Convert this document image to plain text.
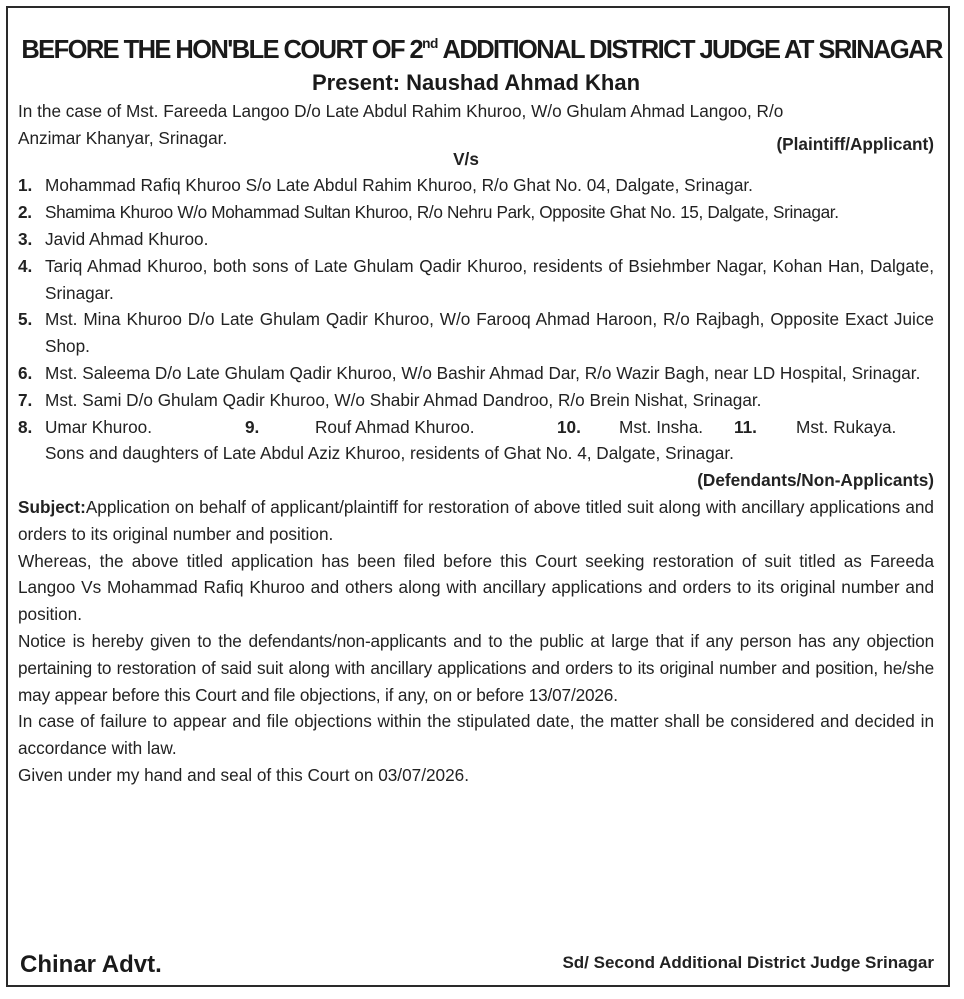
BEFORE THE HON'BLE COURT OF 2nd ADDITIONAL DISTRICT JUDGE AT SRINAGAR
Present: Naushad Ahmad Khan
In the case of Mst. Fareeda Langoo D/o Late Abdul Rahim Khuroo, W/o Ghulam Ahmad Langoo, R/o
Anzimar Khanyar, Srinagar.	(Plaintiff/Applicant)
V/s
1. Mohammad Rafiq Khuroo S/o Late Abdul Rahim Khuroo, R/o Ghat No. 04, Dalgate, Srinagar.
2. Shamima Khuroo W/o Mohammad Sultan Khuroo, R/o Nehru Park, Opposite Ghat No. 15, Dalgate, Srinagar.
3. Javid Ahmad Khuroo.
4. Tariq Ahmad Khuroo, both sons of Late Ghulam Qadir Khuroo, residents of Bsiehmber Nagar, Kohan Han, Dalgate, Srinagar.
5. Mst. Mina Khuroo D/o Late Ghulam Qadir Khuroo, W/o Farooq Ahmad Haroon, R/o Rajbagh, Opposite Exact Juice Shop.
6. Mst. Saleema D/o Late Ghulam Qadir Khuroo, W/o Bashir Ahmad Dar, R/o Wazir Bagh, near LD Hospital, Srinagar.
7. Mst. Sami D/o Ghulam Qadir Khuroo, W/o Shabir Ahmad Dandroo, R/o Brein Nishat, Srinagar.
8. Umar Khuroo.	9.	Rouf Ahmad Khuroo.	10. Mst. Insha. 11. Mst. Rukaya.
Sons and daughters of Late Abdul Aziz Khuroo, residents of Ghat No. 4, Dalgate, Srinagar.
(Defendants/Non-Applicants)

Subject:Application on behalf of applicant/plaintiff for restoration of above titled suit along with ancillary applications and orders to its original number and position.

Whereas, the above titled application has been filed before this Court seeking restoration of suit titled as Fareeda Langoo Vs Mohammad Rafiq Khuroo and others along with ancillary applications and orders to its original number and position.

Notice is hereby given to the defendants/non-applicants and to the public at large that if any person has any objection pertaining to restoration of said suit along with ancillary applications and orders to its original number and position, he/she may appear before this Court and file objections, if any, on or before 13/07/2026.

In case of failure to appear and file objections within the stipulated date, the matter shall be considered and decided in accordance with law.

Given under my hand and seal of this Court on 03/07/2026.

Chinar Advt.	Sd/ Second Additional District Judge Srinagar
